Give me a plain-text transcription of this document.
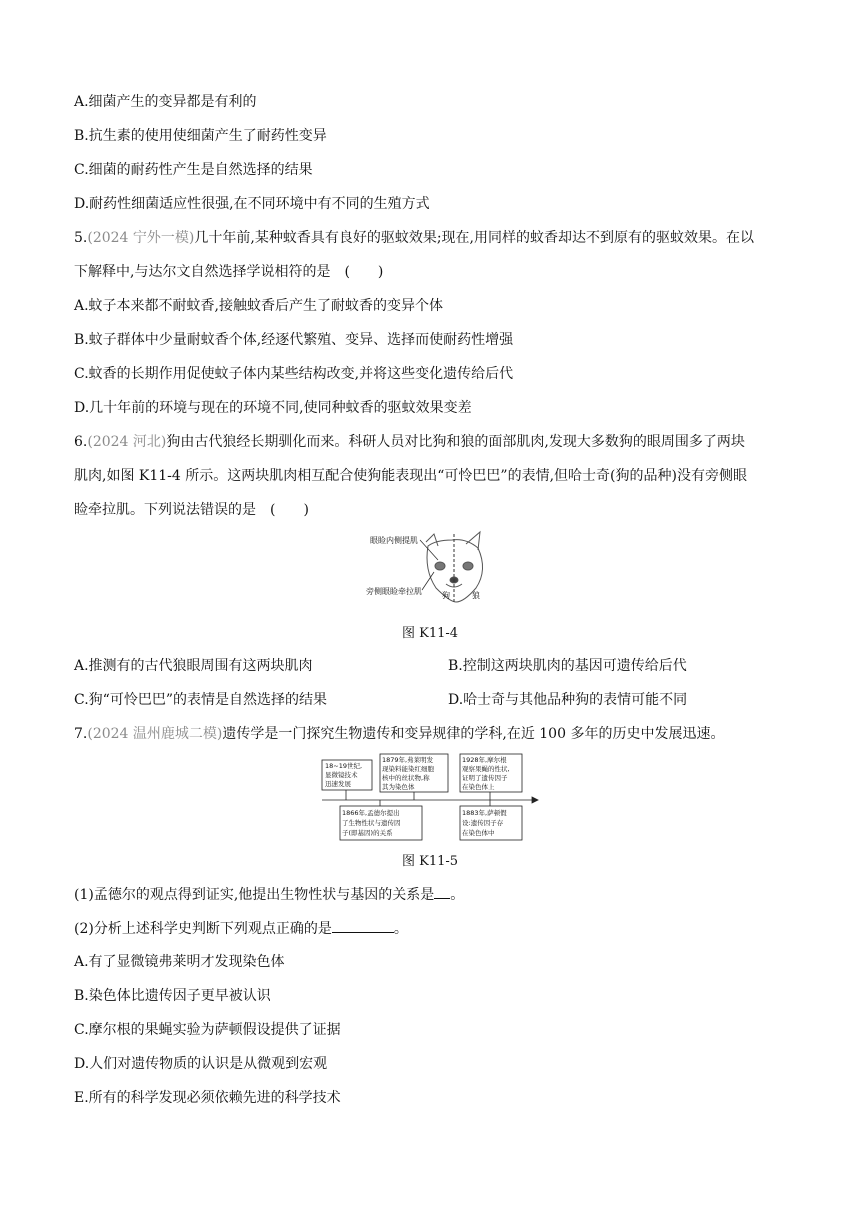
A.细菌产生的变异都是有利的
B.抗生素的使用使细菌产生了耐药性变异
C.细菌的耐药性产生是自然选择的结果
D.耐药性细菌适应性很强,在不同环境中有不同的生殖方式
5.(2024 宁外一模)几十年前,某种蚊香具有良好的驱蚊效果;现在,用同样的蚊香却达不到原有的驱蚊效果。在以
下解释中,与达尔文自然选择学说相符的是　(　　)
A.蚊子本来都不耐蚊香,接触蚊香后产生了耐蚊香的变异个体
B.蚊子群体中少量耐蚊香个体,经逐代繁殖、变异、选择而使耐药性增强
C.蚊香的长期作用促使蚊子体内某些结构改变,并将这些变化遗传给后代
D.几十年前的环境与现在的环境不同,使同种蚊香的驱蚊效果变差
6.(2024 河北)狗由古代狼经长期驯化而来。科研人员对比狗和狼的面部肌肉,发现大多数狗的眼周围多了两块
肌肉,如图 K11-4 所示。这两块肌肉相互配合使狗能表现出“可怜巴巴”的表情,但哈士奇(狗的品种)没有旁侧眼
睑牵拉肌。下列说法错误的是　(　　)
眼睑内侧提肌
旁侧眼睑牵拉肌	狗	狼
图 K11-4
A.推测有的古代狼眼周围有这两块肌肉	B.控制这两块肌肉的基因可遗传给后代
C.狗“可怜巴巴”的表情是自然选择的结果	D.哈士奇与其他品种狗的表情可能不同
7.(2024 温州鹿城二模)遗传学是一门探究生物遗传和变异规律的学科,在近 100 多年的历史中发展迅速。
18~19世纪,
显微镜技术
迅速发展
1879年,弗莱明发
现染料能染红细胞
核中的丝状物,称
其为染色体
1928年,摩尔根
观察果蝇的性状,
证明了遗传因子
在染色体上
1866年,孟德尔提出
了生物性状与遗传因
子(即基因)的关系
1883年,萨顿假
设:遗传因子存
在染色体中
图 K11-5
(1)孟德尔的观点得到证实,他提出生物性状与基因的关系是 。
(2)分析上述科学史判断下列观点正确的是	。
A.有了显微镜弗莱明才发现染色体
B.染色体比遗传因子更早被认识
C.摩尔根的果蝇实验为萨顿假设提供了证据
D.人们对遗传物质的认识是从微观到宏观
E.所有的科学发现必须依赖先进的科学技术
